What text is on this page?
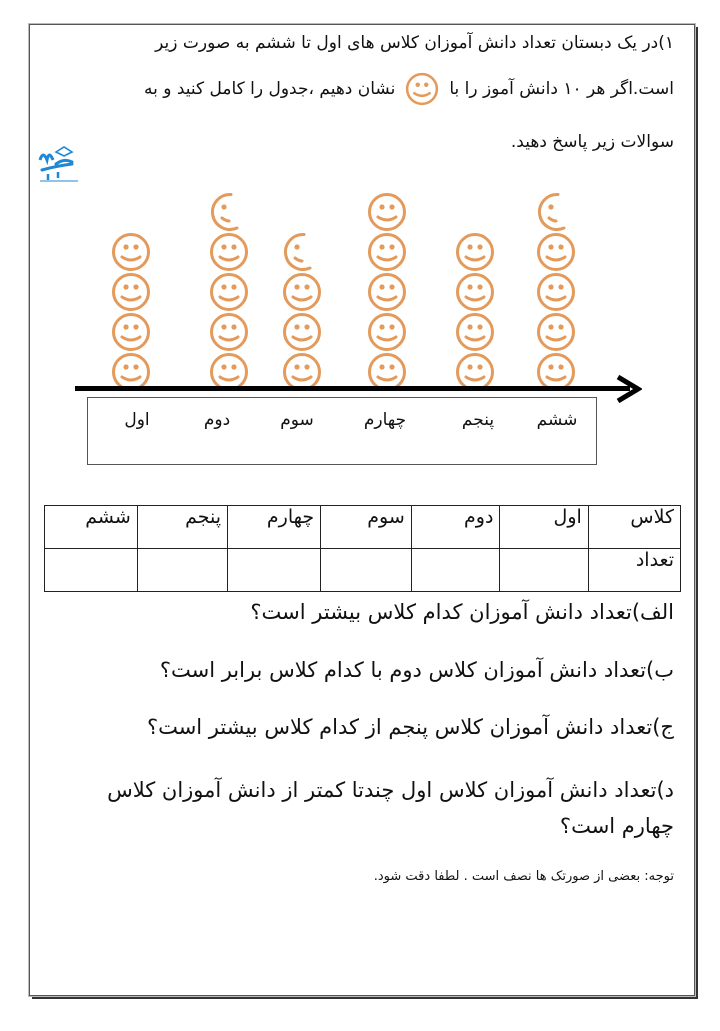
۱)در یک دبستان تعداد دانش آموزان کلاس های اول تا ششم به صورت زیر
است.اگر هر ۱۰ دانش آموز را بانشان دهیم ،جدول را کامل کنید و به
سوالات زیر پاسخ دهید.
اول	دوم	سوم	چهارم	پنجم	ششم
کلاس	اول	دوم	سوم	چهارم	پنجم	ششم
تعداد						
الف)تعداد دانش آموزان کدام کلاس بیشتر است؟
ب)تعداد دانش آموزان کلاس دوم با کدام کلاس برابر است؟
ج)تعداد دانش آموزان کلاس پنجم از کدام کلاس بیشتر است؟
د)تعداد دانش آموزان کلاس اول چندتا کمتر از دانش آموزان کلاس چهارم است؟
توجه: بعضی از صورتک ها نصف است . لطفا دقت شود.
